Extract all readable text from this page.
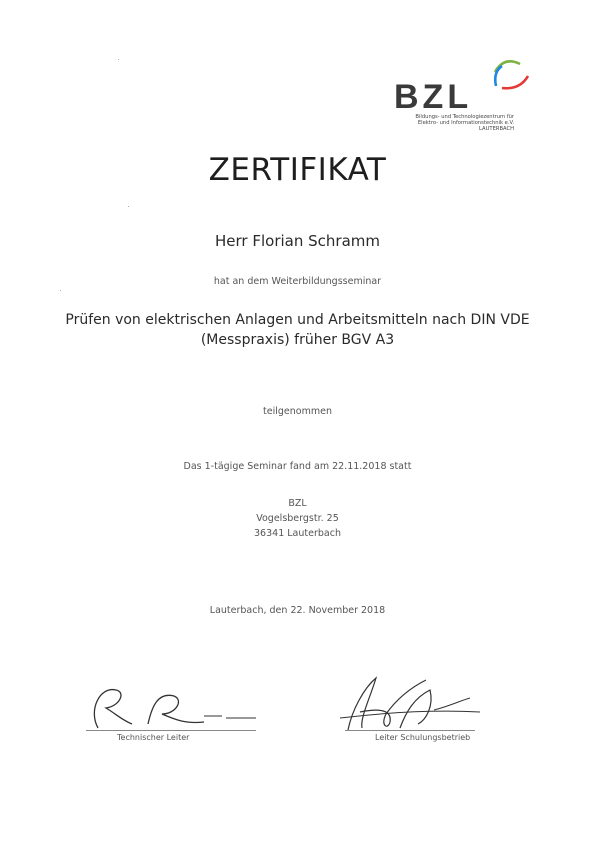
BZL
Bildungs- und Technologiezentrum für
Elektro- und Informationstechnik e.V.
LAUTERBACH
ZERTIFIKAT
Herr Florian Schramm
hat an dem Weiterbildungsseminar
Prüfen von elektrischen Anlagen und Arbeitsmitteln nach DIN VDE
(Messpraxis) früher BGV A3
teilgenommen
Das 1-tägige Seminar fand am 22.11.2018 statt
BZL
Vogelsbergstr. 25
36341 Lauterbach
Lauterbach, den 22. November 2018
Technischer Leiter	Leiter Schulungsbetrieb
